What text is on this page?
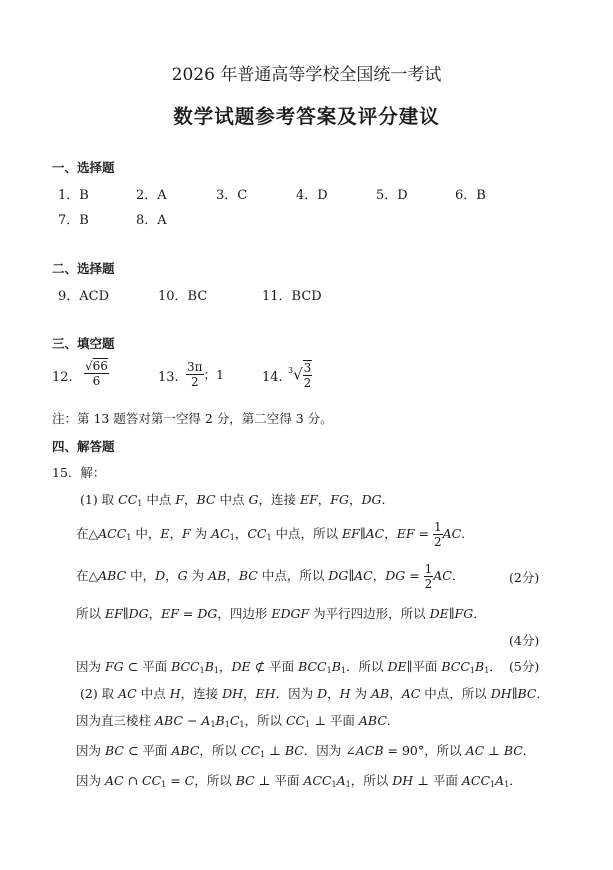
2026 年普通高等学校全国统一考试
数学试题参考答案及评分建议
一、选择题
1．B	2．A	3．C	4．D	5．D	6．B
7．B	8．A
二、选择题
9．ACD	10．BC	11．BCD
三、填空题
12. $\frac{√66}{6}$	13. $\frac{3\pi}{2}$ ；1	14. $^3√ \frac{3}{2}$
注：第 13 题答对第一空得 2 分，第二空得 3 分。
四、解答题
15．解：
(1) 取 $CC_1$ 中点 F，BC 中点 G，连接 EF，FG，DG．
在$\triangle ACC_1$ 中，E，F 为 $AC_1$，$CC_1$ 中点，所以 EF∥AC，EF = $\frac{1}{2}$ AC．
在△ABC 中，D，G 为 AB，BC 中点，所以 DG∥AC，DG = $\frac{1}{2}$ AC．	(2分)
所以 EF∥DG，EF = DG，四边形 EDGF 为平行四边形，所以 DE∥FG．
(4分)
因为 FG ⊂ 平面 $BCC_1B_1$，DE ⊄ 平面 $BCC_1B_1$．所以 DE∥平面 $BCC_1B_1$． (5分)
(2) 取 AC 中点 H，连接 DH，EH．因为 D，H 为 AB，AC 中点，所以 DH∥BC．
因为直三棱柱 ABC − $A_1B_1C_1$，所以 $CC_1$ ⊥ 平面 ABC．
因为 BC ⊂ 平面 ABC，所以 $CC_1$ ⊥ BC．因为 ∠ACB = 90°，所以 AC ⊥ BC．
因为 AC ∩ $CC_1 = C$，所以 BC ⊥ 平面 $ACC_1A_1$，所以 DH ⊥ 平面 $ACC_1A_1$．
